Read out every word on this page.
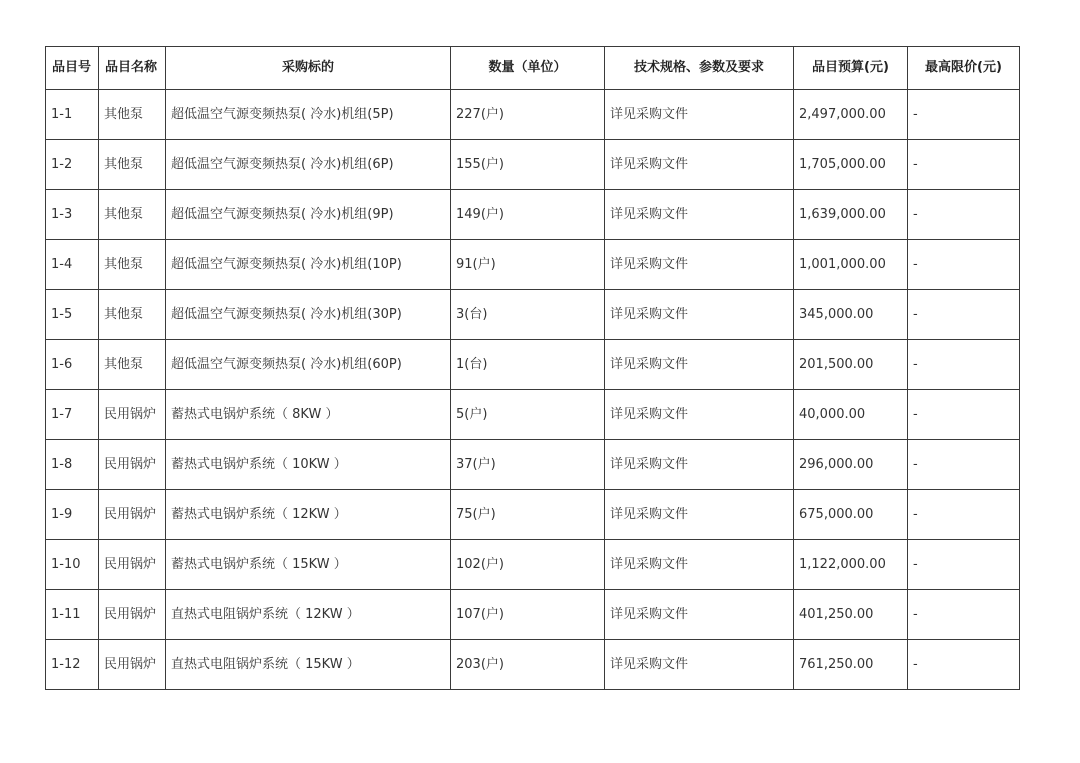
品目号	品目名称	采购标的	数量（单位）	技术规格、参数及要求	品目预算(元)	最高限价(元)
1-1	其他泵	超低温空气源变频热泵( 冷水)机组(5P)	227(户)	详见采购文件	2,497,000.00	-
1-2	其他泵	超低温空气源变频热泵( 冷水)机组(6P)	155(户)	详见采购文件	1,705,000.00	-
1-3	其他泵	超低温空气源变频热泵( 冷水)机组(9P)	149(户)	详见采购文件	1,639,000.00	-
1-4	其他泵	超低温空气源变频热泵( 冷水)机组(10P)	91(户)	详见采购文件	1,001,000.00	-
1-5	其他泵	超低温空气源变频热泵( 冷水)机组(30P)	3(台)	详见采购文件	345,000.00	-
1-6	其他泵	超低温空气源变频热泵( 冷水)机组(60P)	1(台)	详见采购文件	201,500.00	-
1-7	民用锅炉	蓄热式电锅炉系统（ 8KW ）	5(户)	详见采购文件	40,000.00	-
1-8	民用锅炉	蓄热式电锅炉系统（ 10KW ）	37(户)	详见采购文件	296,000.00	-
1-9	民用锅炉	蓄热式电锅炉系统（ 12KW ）	75(户)	详见采购文件	675,000.00	-
1-10	民用锅炉	蓄热式电锅炉系统（ 15KW ）	102(户)	详见采购文件	1,122,000.00	-
1-11	民用锅炉	直热式电阻锅炉系统（ 12KW ）	107(户)	详见采购文件	401,250.00	-
1-12	民用锅炉	直热式电阻锅炉系统（ 15KW ）	203(户)	详见采购文件	761,250.00	-
